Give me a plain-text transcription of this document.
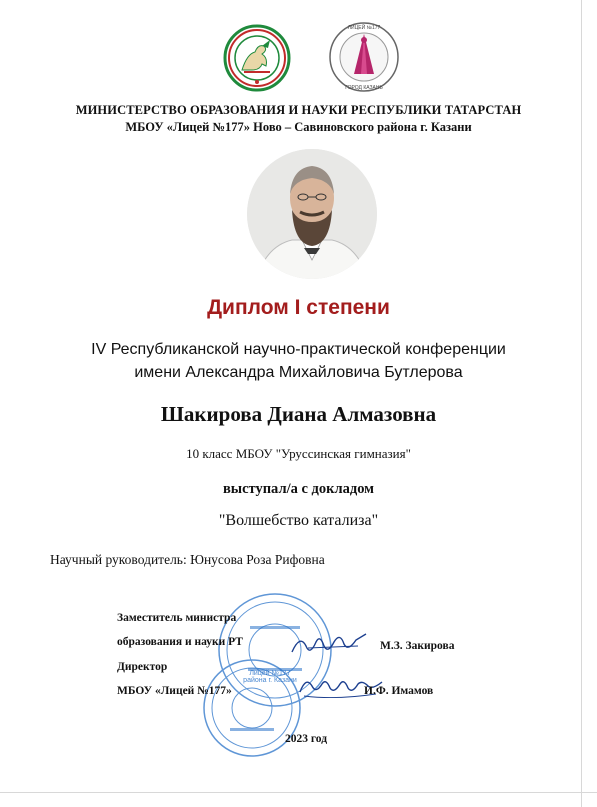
ЛИЦЕЙ №177
ГОРОД КАЗАНЬ
МИНИСТЕРСТВО ОБРАЗОВАНИЯ И НАУКИ РЕСПУБЛИКИ ТАТАРСТАН
МБОУ «Лицей №177» Ново – Савиновского района г. Казани
Диплом I степени
IV Республиканской научно-практической конференции
имени Александра Михайловича Бутлерова
Шакирова Диана Алмазовна
10 класс МБОУ "Уруссинская гимназия"
выступал/а с докладом
"Волшебство катализа"
Научный руководитель: Юнусова Роза Рифовна
Лицей №177 района г. Казани
Заместитель министра
образования и науки РТ
Директор
МБОУ «Лицей №177»
М.З. Закирова
И.Ф. Имамов
2023 год
